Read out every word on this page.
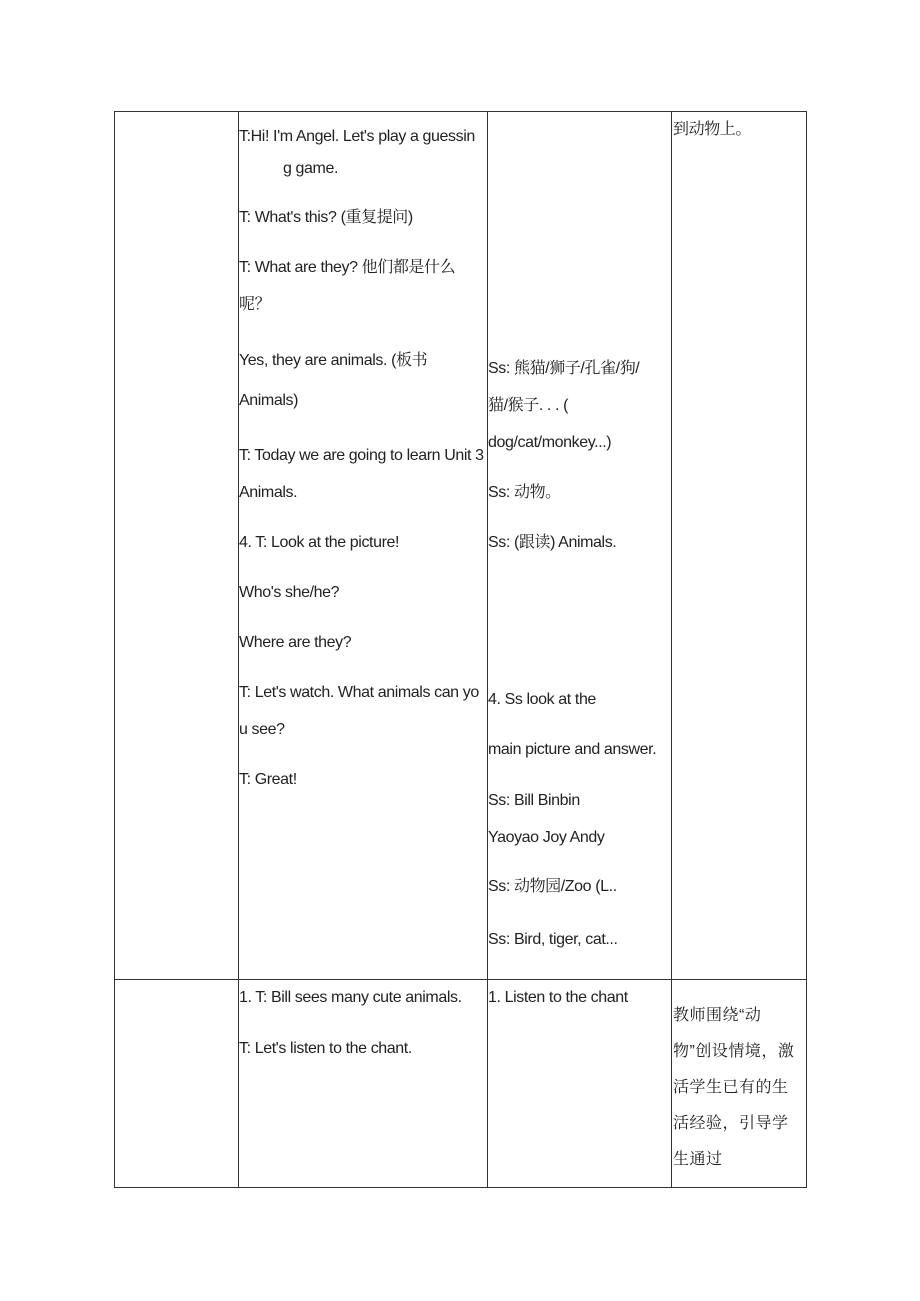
T:Hi! I'm Angel. Let's play a guessin
g game.
T: What's this? (重复提问)
T: What are they? 他们都是什么
呢？
Yes, they are animals. (板书
Animals)
T: Today we are going to learn Unit 3
Animals.
4. T: Look at the picture!
Who's she/he?
Where are they?
T: Let's watch. What animals can yo
u see?
T: Great!
Ss: 熊猫/狮子/孔雀/狗/
猫/猴子. . . (
dog/cat/monkey...)
Ss: 动物。
Ss: (跟读) Animals.
4. Ss look at the
main picture and answer.
Ss: Bill Binbin
Yaoyao Joy Andy
Ss: 动物园/Zoo (L..
Ss: Bird, tiger, cat...
到动物上。
1. T: Bill sees many cute animals.
T: Let's listen to the chant.
1. Listen to the chant
教师围绕“动物”创设情境，激活学生已有的生活经验，引导学生通过
